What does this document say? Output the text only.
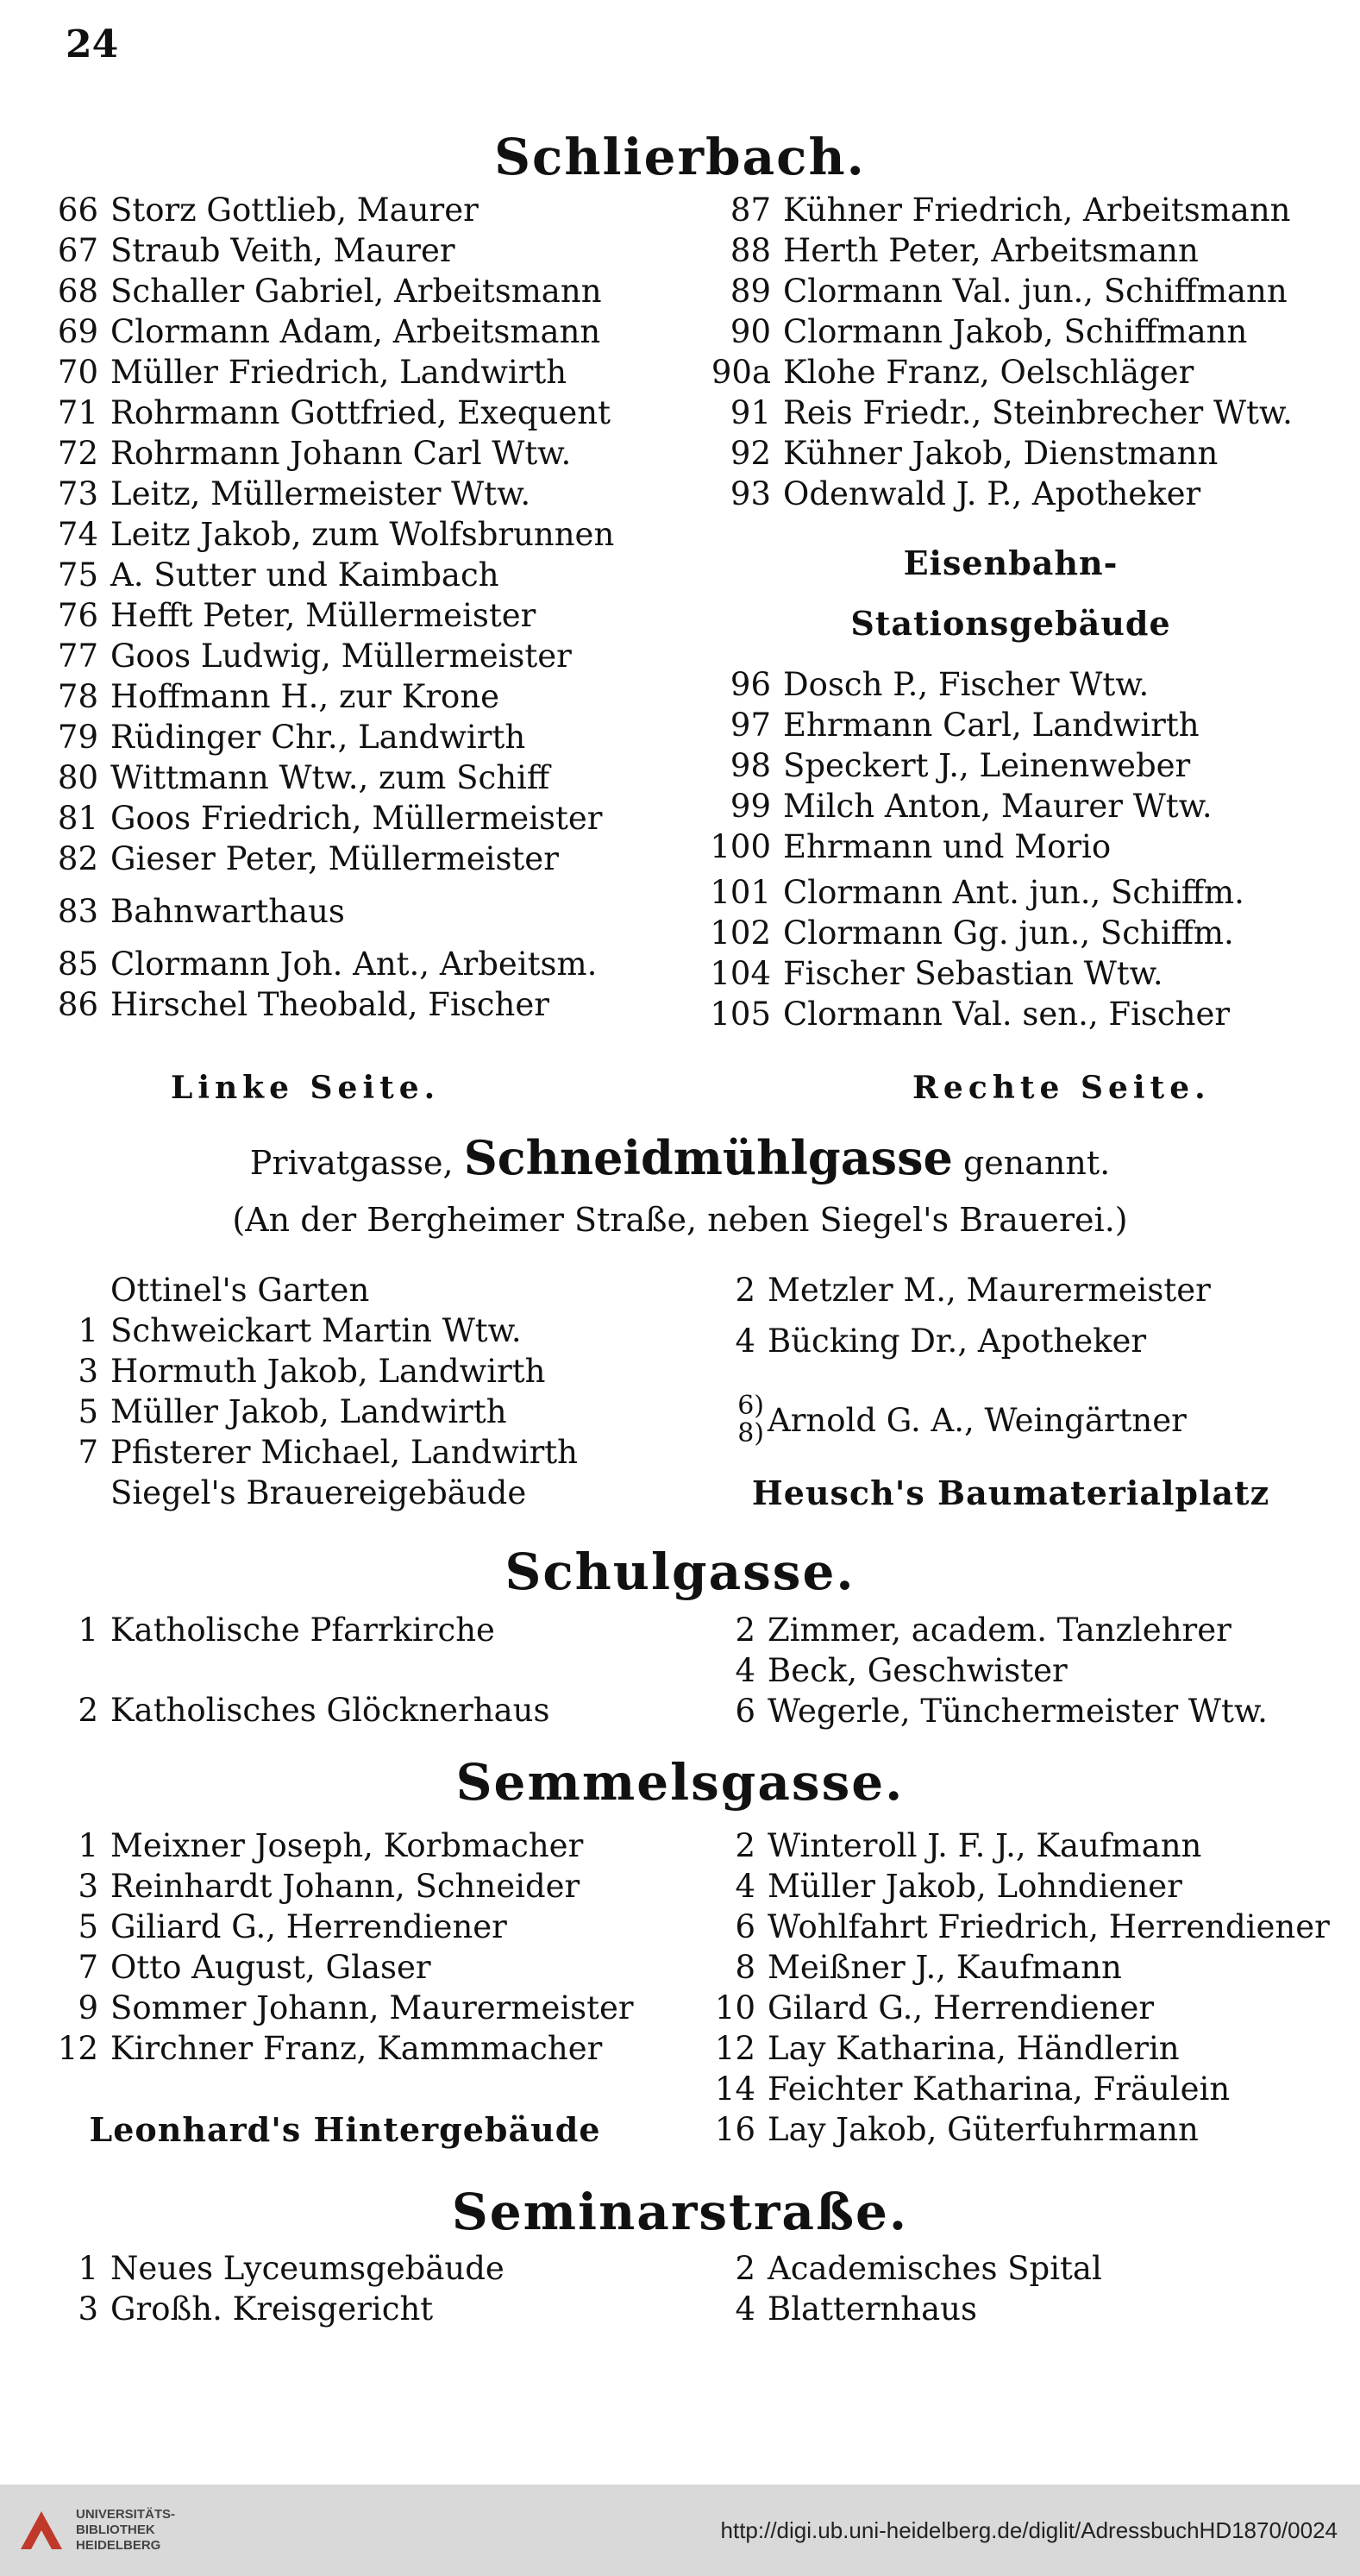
24
Schlierbach.
66 Storz Gottlieb, Maurer
67 Straub Veith, Maurer
68 Schaller Gabriel, Arbeitsmann
69 Clormann Adam, Arbeitsmann
70 Müller Friedrich, Landwirth
71 Rohrmann Gottfried, Exequent
72 Rohrmann Johann Carl Wtw.
73 Leitz, Müllermeister Wtw.
74 Leitz Jakob, zum Wolfsbrunnen
75 A. Sutter und Kaimbach
76 Hefft Peter, Müllermeister
77 Goos Ludwig, Müllermeister
78 Hoffmann H., zur Krone
79 Rüdinger Chr., Landwirth
80 Wittmann Wtw., zum Schiff
81 Goos Friedrich, Müllermeister
82 Gieser Peter, Müllermeister
83 Bahnwarthaus
85 Clormann Joh. Ant., Arbeitsm.
86 Hirschel Theobald, Fischer
87 Kühner Friedrich, Arbeitsmann
88 Herth Peter, Arbeitsmann
89 Clormann Val. jun., Schiffmann
90 Clormann Jakob, Schiffmann
90a Klohe Franz, Oelschläger
91 Reis Friedr., Steinbrecher Wtw.
92 Kühner Jakob, Dienstmann
93 Odenwald J. P., Apotheker
Eisenbahn-
Stationsgebäude
96 Dosch P., Fischer Wtw.
97 Ehrmann Carl, Landwirth
98 Speckert J., Leinenweber
99 Milch Anton, Maurer Wtw.
100 Ehrmann und Morio
101 Clormann Ant. jun., Schiffm.
102 Clormann Gg. jun., Schiffm.
104 Fischer Sebastian Wtw.
105 Clormann Val. sen., Fischer
Linke Seite.	Rechte Seite.
Privatgasse, Schneidmühlgasse genannt.
(An der Bergheimer Straße, neben Siegel's Brauerei.)
Ottinel's Garten
1 Schweickart Martin Wtw.
3 Hormuth Jakob, Landwirth
5 Müller Jakob, Landwirth
7 Pfisterer Michael, Landwirth
Siegel's Brauereigebäude
2 Metzler M., Maurermeister
4 Bücking Dr., Apotheker
6)
8) Arnold G. A., Weingärtner
Heusch's Baumaterialplatz
Schulgasse.
1 Katholische Pfarrkirche
2 Katholisches Glöcknerhaus
2 Zimmer, academ. Tanzlehrer
4 Beck, Geschwister
6 Wegerle, Tünchermeister Wtw.
Semmelsgasse.
1 Meixner Joseph, Korbmacher
3 Reinhardt Johann, Schneider
5 Giliard G., Herrendiener
7 Otto August, Glaser
9 Sommer Johann, Maurermeister
12 Kirchner Franz, Kammmacher
Leonhard's Hintergebäude
2 Winteroll J. F. J., Kaufmann
4 Müller Jakob, Lohndiener
6 Wohlfahrt Friedrich, Herrendiener
8 Meißner J., Kaufmann
10 Gilard G., Herrendiener
12 Lay Katharina, Händlerin
14 Feichter Katharina, Fräulein
16 Lay Jakob, Güterfuhrmann
Seminarstraße.
1 Neues Lyceumsgebäude
3 Großh. Kreisgericht
2 Academisches Spital
4 Blatternhaus
UNIVERSITÄTS-
BIBLIOTHEK
HEIDELBERG
http://digi.ub.uni-heidelberg.de/diglit/AdressbuchHD1870/0024
